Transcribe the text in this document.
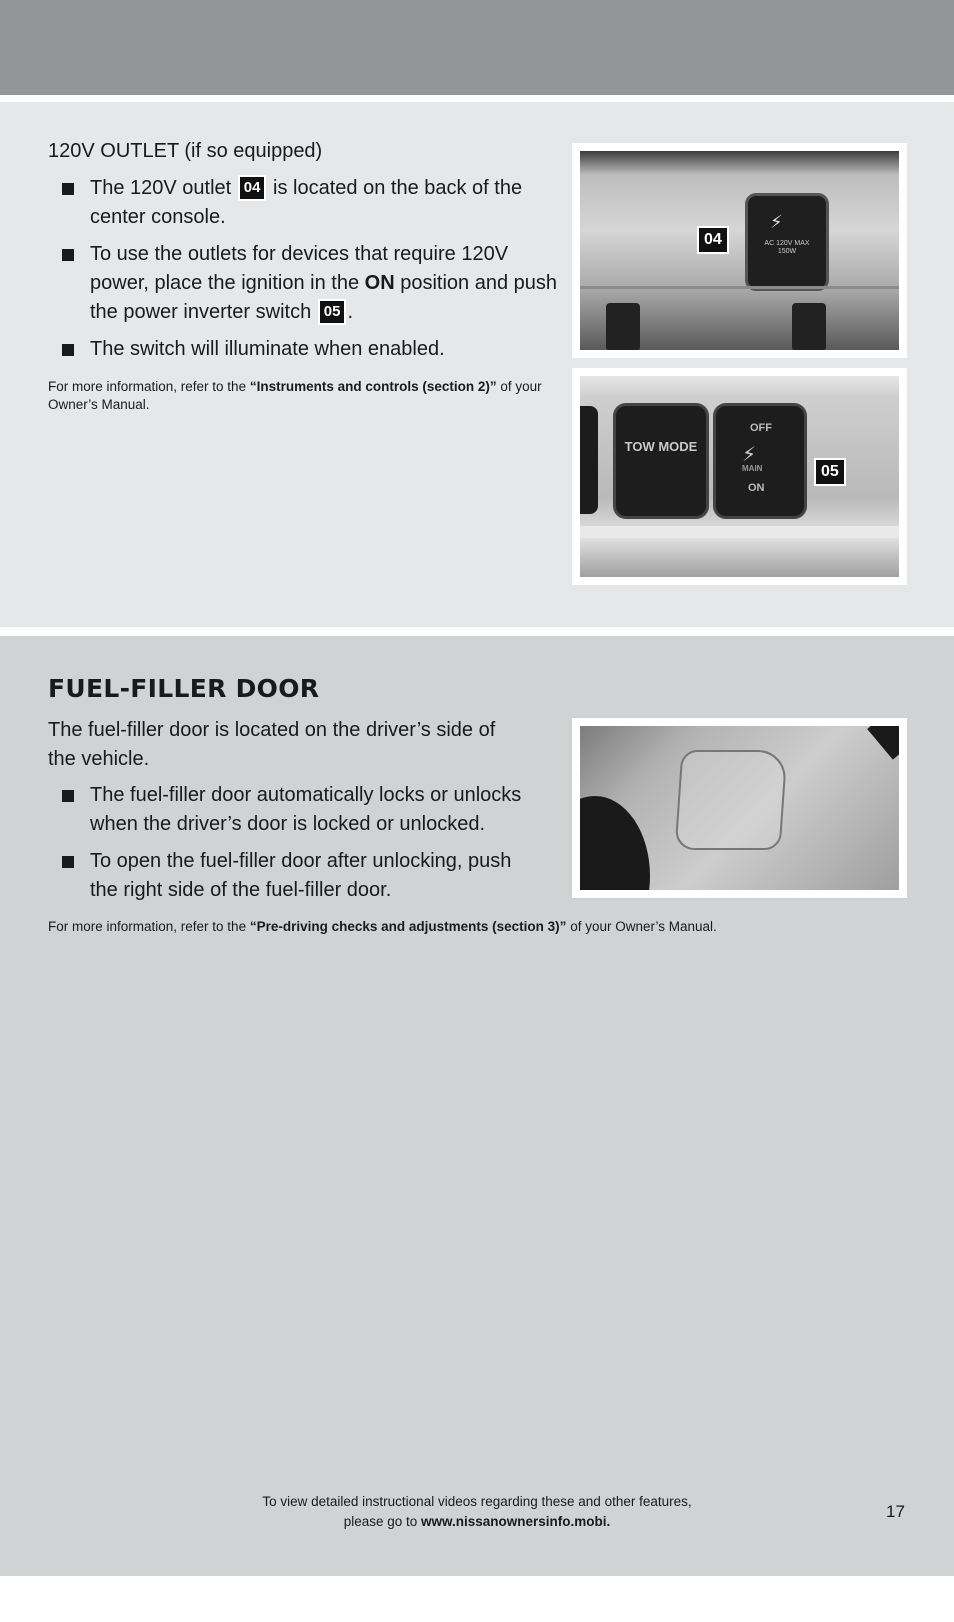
120V OUTLET (if so equipped)
The 120V outlet 04 is located on the back of the center console.
To use the outlets for devices that require 120V power, place the ignition in the ON position and push the power inverter switch 05 .
The switch will illuminate when enabled.

For more information, refer to the “Instruments and controls (section 2)” of your Owner’s Manual.

⚡
AC 120V MAX 150W
04
TOW MODE
OFF
⚡
MAIN
ON
05
FUEL-FILLER DOOR

The fuel-filler door is located on the driver’s side of the vehicle.

The fuel-filler door automatically locks or unlocks when the driver’s door is locked or unlocked.
To open the fuel-filler door after unlocking, push the right side of the fuel-filler door.

For more information, refer to the “Pre-driving checks and adjustments (section 3)” of your Owner’s Manual.

To view detailed instructional videos regarding these and other features,
please go to www.nissanownersinfo.mobi.
17
